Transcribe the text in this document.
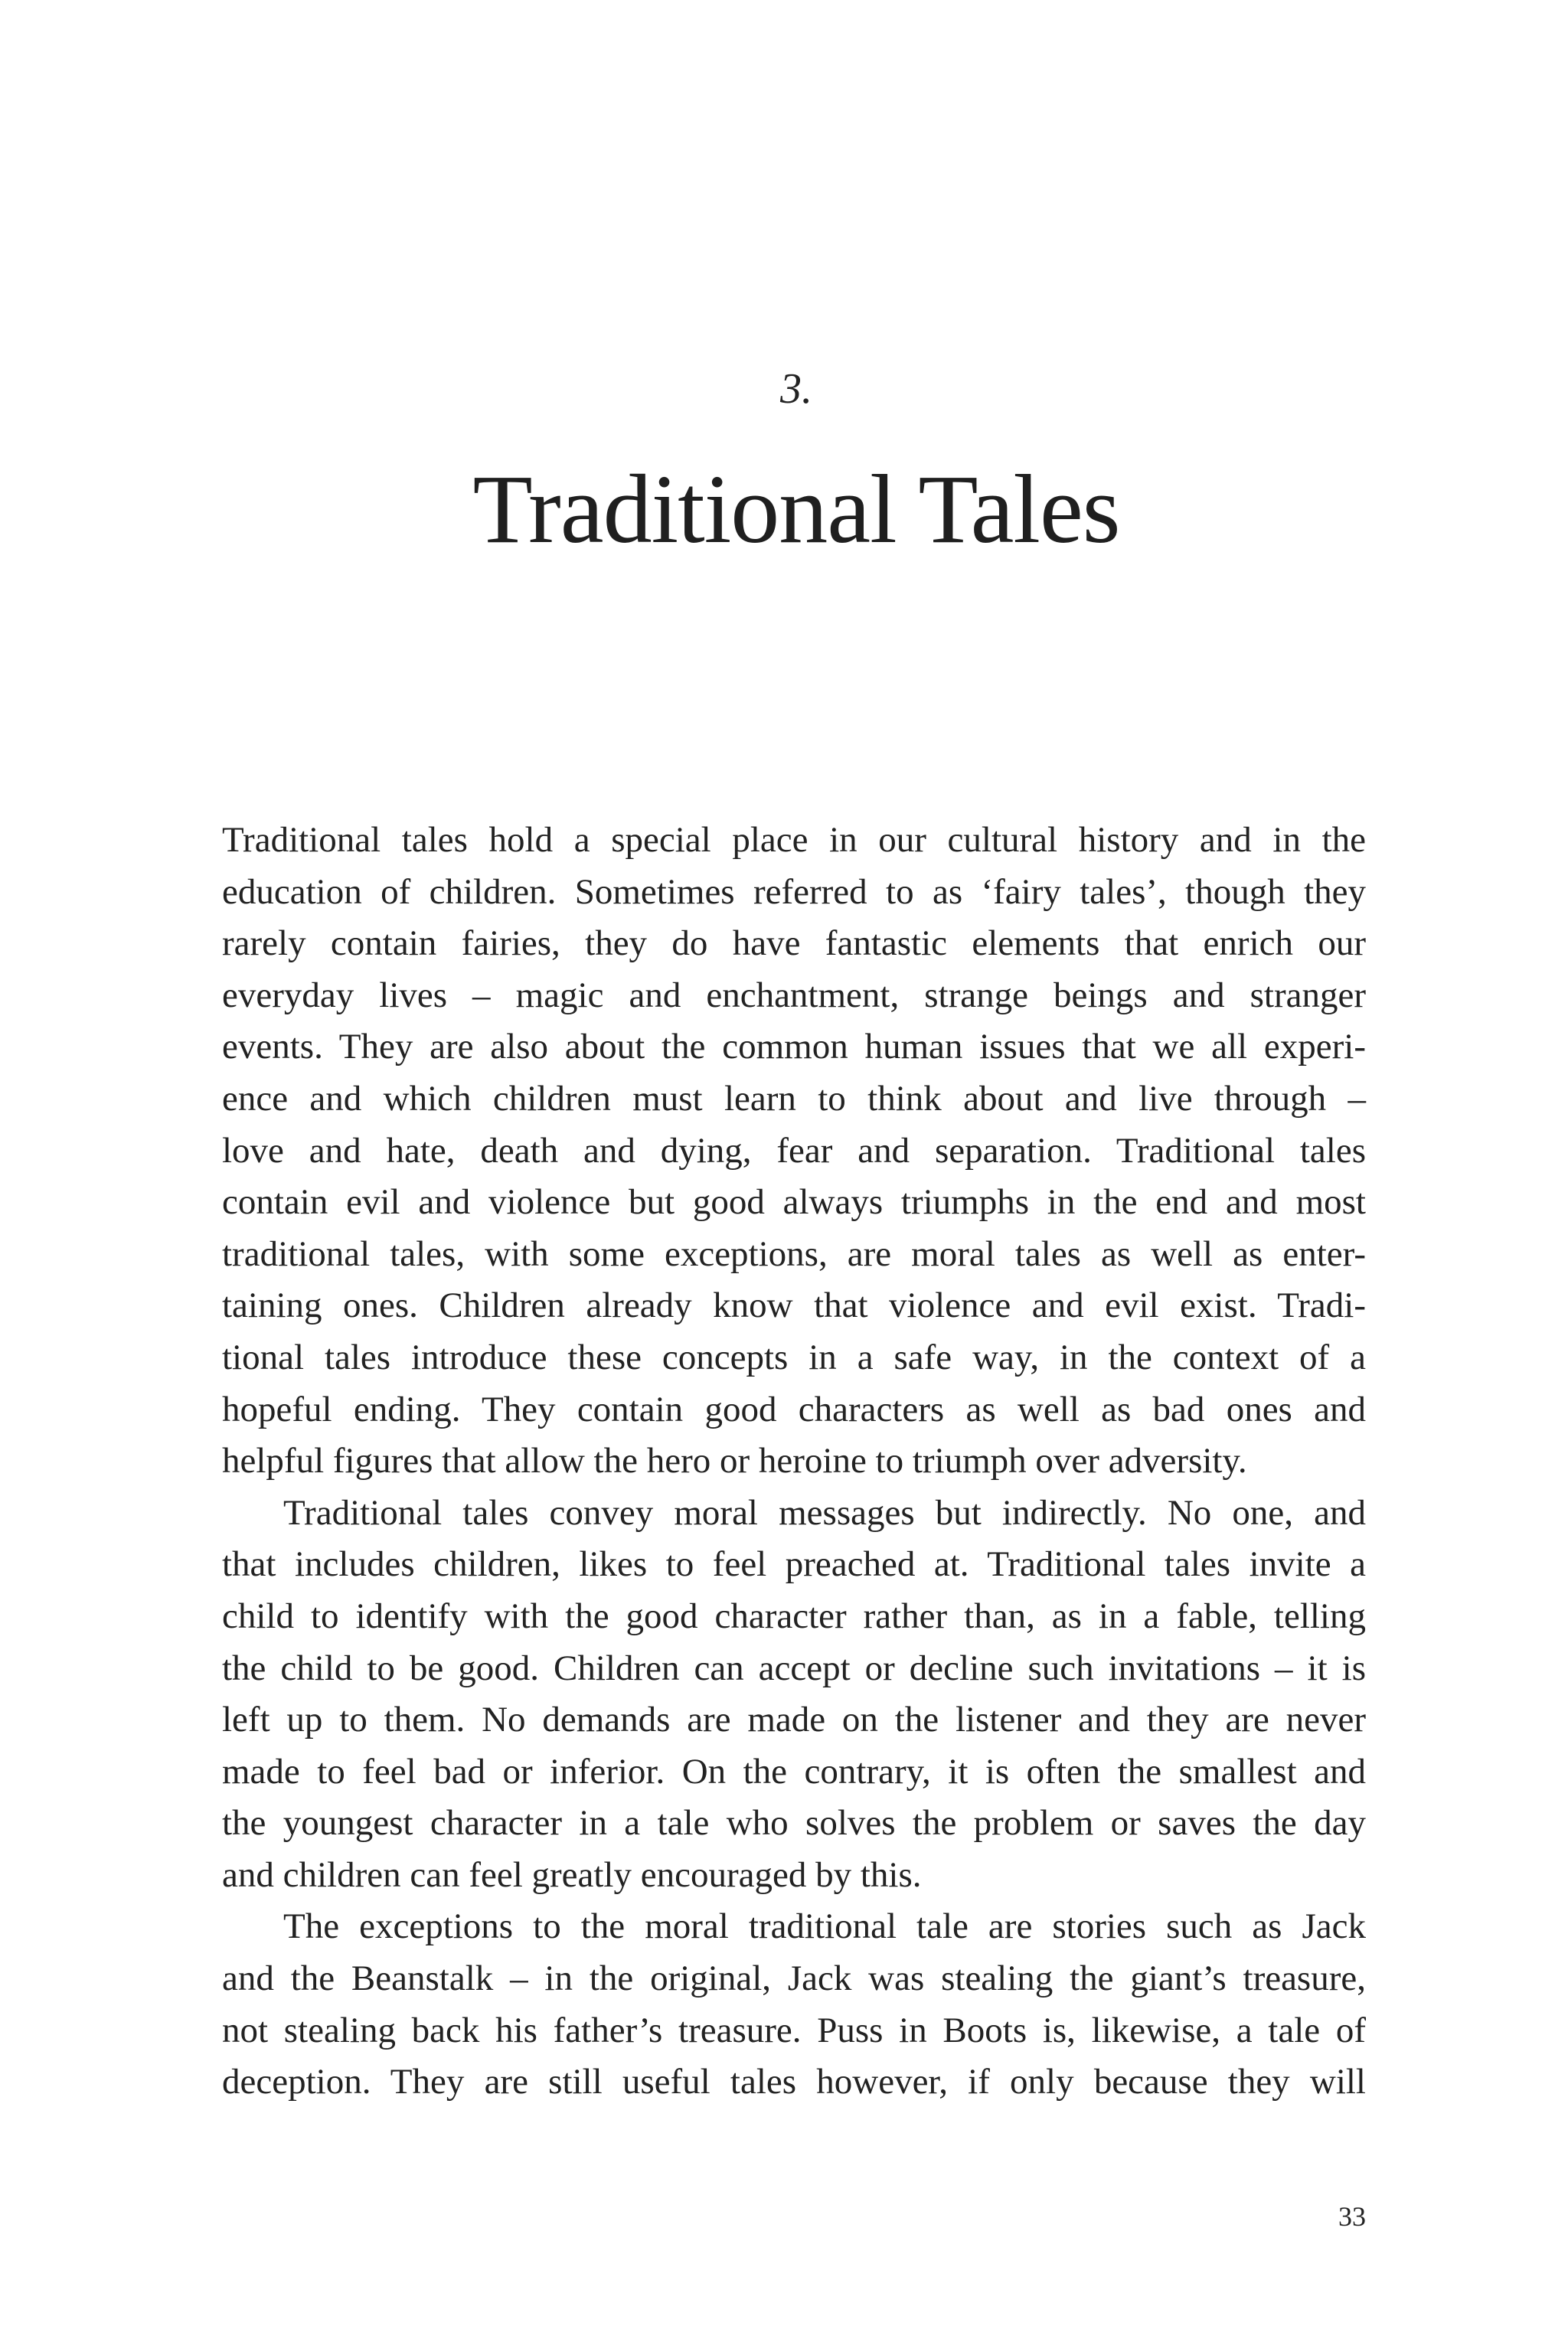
3.
Traditional Tales
Traditional tales hold a special place in our cultural history and in the
education of children. Sometimes referred to as ‘fairy tales’, though they
rarely contain fairies, they do have fantastic elements that enrich our
everyday lives – magic and enchantment, strange beings and stranger
events. They are also about the common human issues that we all experi-
ence and which children must learn to think about and live through –
love and hate, death and dying, fear and separation. Traditional tales
contain evil and violence but good always triumphs in the end and most
traditional tales, with some exceptions, are moral tales as well as enter-
taining ones. Children already know that violence and evil exist. Tradi-
tional tales introduce these concepts in a safe way, in the context of a
hopeful ending. They contain good characters as well as bad ones and
helpful figures that allow the hero or heroine to triumph over adversity.
Traditional tales convey moral messages but indirectly. No one, and
that includes children, likes to feel preached at. Traditional tales invite a
child to identify with the good character rather than, as in a fable, telling
the child to be good. Children can accept or decline such invitations – it is
left up to them. No demands are made on the listener and they are never
made to feel bad or inferior. On the contrary, it is often the smallest and
the youngest character in a tale who solves the problem or saves the day
and children can feel greatly encouraged by this.
The exceptions to the moral traditional tale are stories such as Jack
and the Beanstalk – in the original, Jack was stealing the giant’s treasure,
not stealing back his father’s treasure. Puss in Boots is, likewise, a tale of
deception. They are still useful tales however, if only because they will
33
